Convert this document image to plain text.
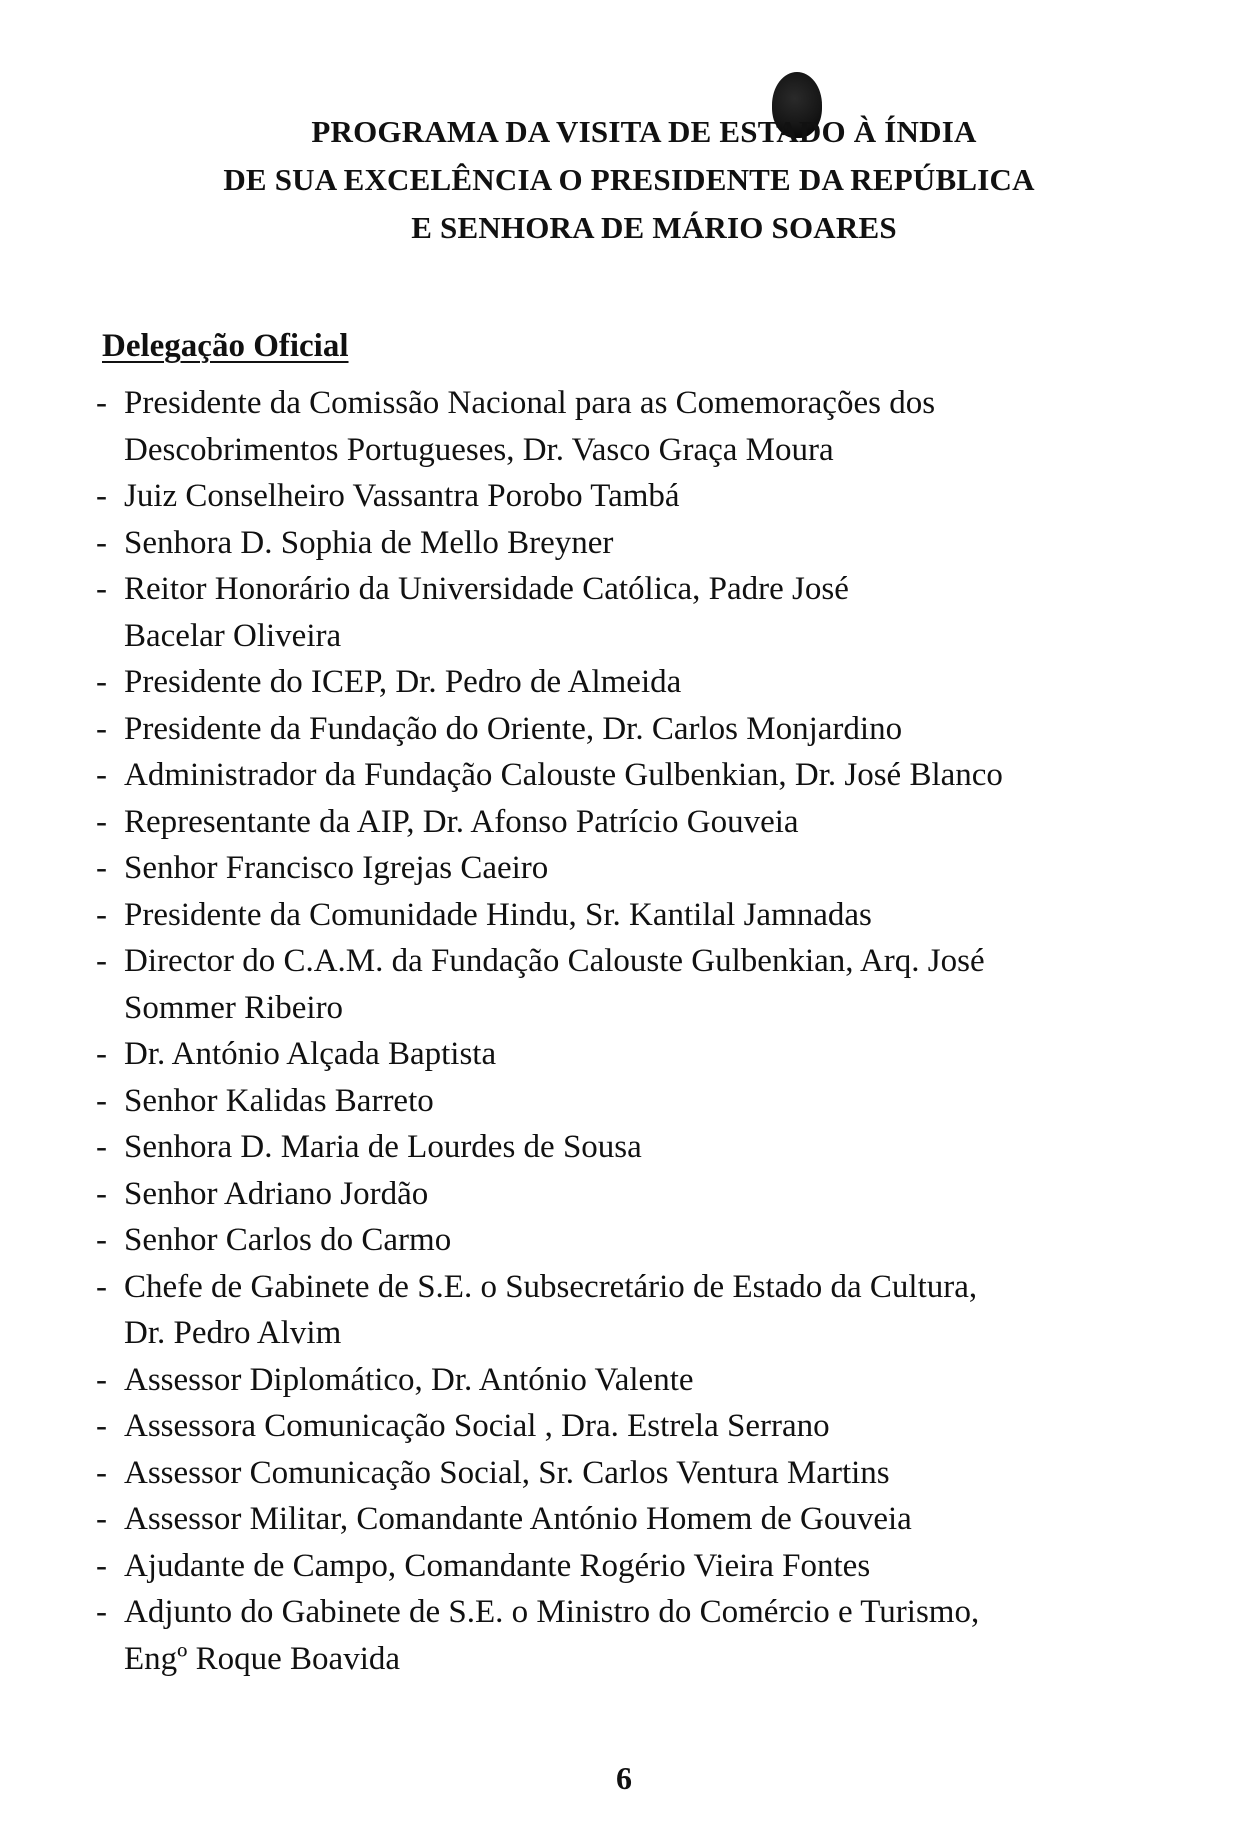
PROGRAMA DA VISITA DE ESTADO À ÍNDIA
DE SUA EXCELÊNCIA O PRESIDENTE DA REPÚBLICA
E SENHORA DE MÁRIO SOARES
Delegação Oficial
- Presidente da Comissão Nacional para as Comemorações dos
Descobrimentos Portugueses, Dr. Vasco Graça Moura
- Juiz Conselheiro Vassantra Porobo Tambá
- Senhora D. Sophia de Mello Breyner
- Reitor Honorário da Universidade Católica, Padre José
Bacelar Oliveira
- Presidente do ICEP, Dr. Pedro de Almeida
- Presidente da Fundação do Oriente, Dr. Carlos Monjardino
- Administrador da Fundação Calouste Gulbenkian, Dr. José Blanco
- Representante da AIP, Dr. Afonso Patrício Gouveia
- Senhor Francisco Igrejas Caeiro
- Presidente da Comunidade Hindu, Sr. Kantilal Jamnadas
- Director do C.A.M. da Fundação Calouste Gulbenkian, Arq. José
Sommer Ribeiro
- Dr. António Alçada Baptista
- Senhor Kalidas Barreto
- Senhora D. Maria de Lourdes de Sousa
- Senhor Adriano Jordão
- Senhor Carlos do Carmo
- Chefe de Gabinete de S.E. o Subsecretário de Estado da Cultura,
Dr. Pedro Alvim
- Assessor Diplomático, Dr. António Valente
- Assessora Comunicação Social , Dra. Estrela Serrano
- Assessor Comunicação Social, Sr. Carlos Ventura Martins
- Assessor Militar, Comandante António Homem de Gouveia
- Ajudante de Campo, Comandante Rogério Vieira Fontes
- Adjunto do Gabinete de S.E. o Ministro do Comércio e Turismo,
Engº Roque Boavida
6
